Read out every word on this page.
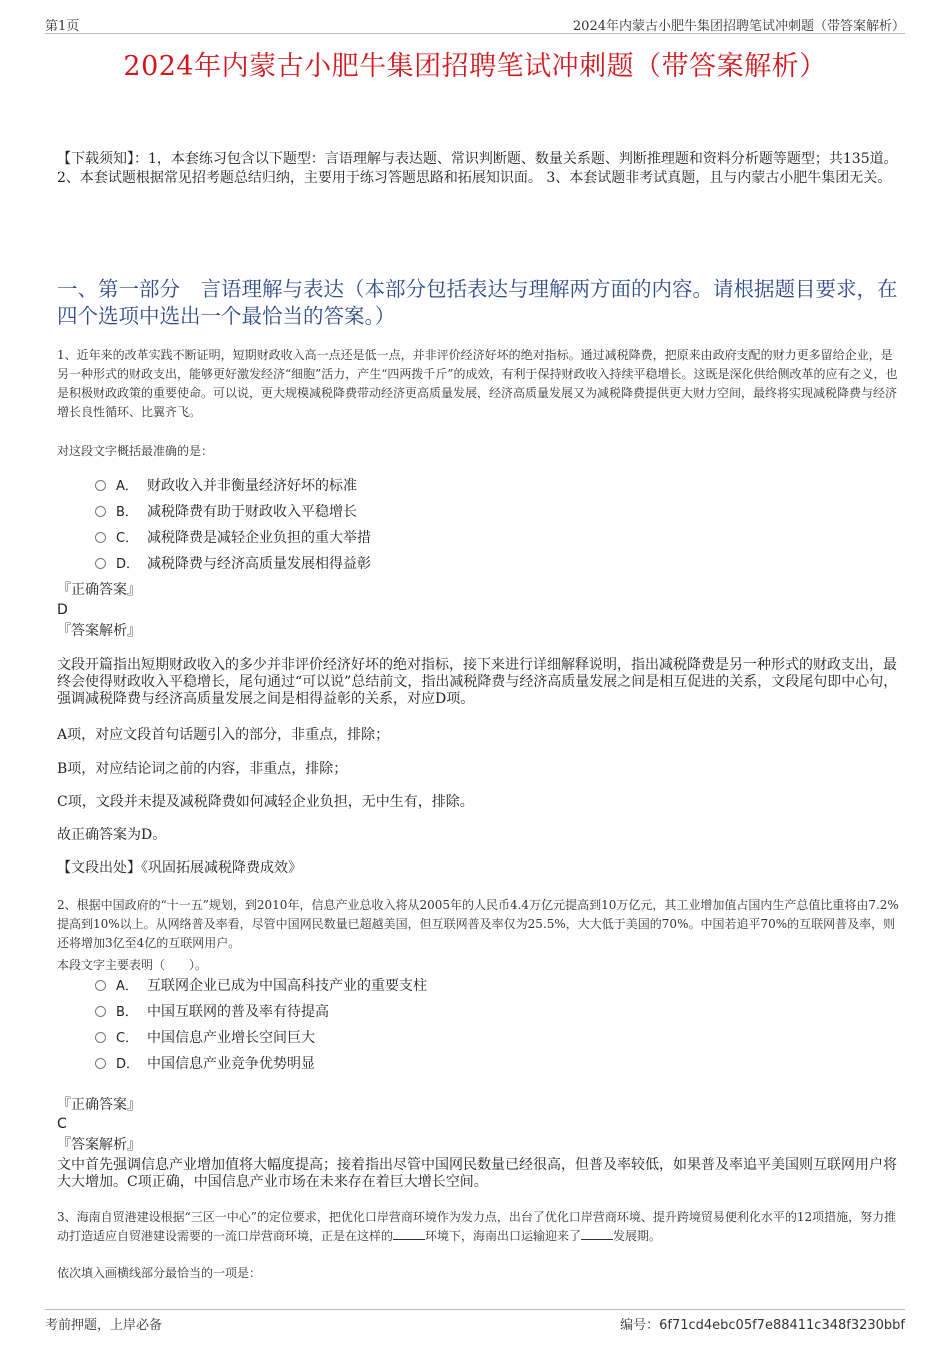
第1页	2024年内蒙古小肥牛集团招聘笔试冲刺题（带答案解析）
2024年内蒙古小肥牛集团招聘笔试冲刺题（带答案解析）
【下载须知】：1，本套练习包含以下题型：言语理解与表达题、常识判断题、数量关系题、判断推理题和资料分析题等题型；共135道。 2、本套试题根据常见招考题总结归纳，主要用于练习答题思路和拓展知识面。 3、本套试题非考试真题，且与内蒙古小肥牛集团无关。
一、第一部分　言语理解与表达（本部分包括表达与理解两方面的内容。请根据题目要求，在四个选项中选出一个最恰当的答案。）
1、近年来的改革实践不断证明，短期财政收入高一点还是低一点，并非评价经济好坏的绝对指标。通过减税降费，把原来由政府支配的财力更多留给企业，是另一种形式的财政支出，能够更好激发经济“细胞”活力，产生“四两拨千斤”的成效，有利于保持财政收入持续平稳增长。这既是深化供给侧改革的应有之义，也是积极财政政策的重要使命。可以说，更大规模减税降费带动经济更高质量发展，经济高质量发展又为减税降费提供更大财力空间，最终将实现减税降费与经济增长良性循环、比翼齐飞。
对这段文字概括最准确的是：
A． 财政收入并非衡量经济好坏的标准
B． 减税降费有助于财政收入平稳增长
C． 减税降费是减轻企业负担的重大举措
D． 减税降费与经济高质量发展相得益彰
『正确答案』
D
『答案解析』
文段开篇指出短期财政收入的多少并非评价经济好坏的绝对指标，接下来进行详细解释说明，指出减税降费是另一种形式的财政支出，最终会使得财政收入平稳增长，尾句通过“可以说”总结前文，指出减税降费与经济高质量发展之间是相互促进的关系，文段尾句即中心句，强调减税降费与经济高质量发展之间是相得益彰的关系，对应D项。
A项，对应文段首句话题引入的部分，非重点，排除；
B项，对应结论词之前的内容，非重点，排除；
C项，文段并未提及减税降费如何减轻企业负担，无中生有，排除。
故正确答案为D。
【文段出处】《巩固拓展减税降费成效》
2、根据中国政府的“十一五”规划，到2010年，信息产业总收入将从2005年的人民币4.4万亿元提高到10万亿元，其工业增加值占国内生产总值比重将由7.2%提高到10%以上。从网络普及率看，尽管中国网民数量已超越美国，但互联网普及率仅为25.5%，大大低于美国的70%。中国若追平70%的互联网普及率，则还将增加3亿至4亿的互联网用户。
本段文字主要表明（　　）。
A． 互联网企业已成为中国高科技产业的重要支柱
B． 中国互联网的普及率有待提高
C． 中国信息产业增长空间巨大
D． 中国信息产业竞争优势明显
『正确答案』
C
『答案解析』
文中首先强调信息产业增加值将大幅度提高；接着指出尽管中国网民数量已经很高，但普及率较低，如果普及率追平美国则互联网用户将大大增加。C项正确，中国信息产业市场在未来存在着巨大增长空间。
3、海南自贸港建设根据“三区一中心”的定位要求，把优化口岸营商环境作为发力点，出台了优化口岸营商环境、提升跨境贸易便利化水平的12项措施，努力推动打造适应自贸港建设需要的一流口岸营商环境，正是在这样的	环境下，海南出口运输迎来了	发展期。
依次填入画横线部分最恰当的一项是：
考前押题，上岸必备	编号：6f71cd4ebc05f7e88411c348f3230bbf
